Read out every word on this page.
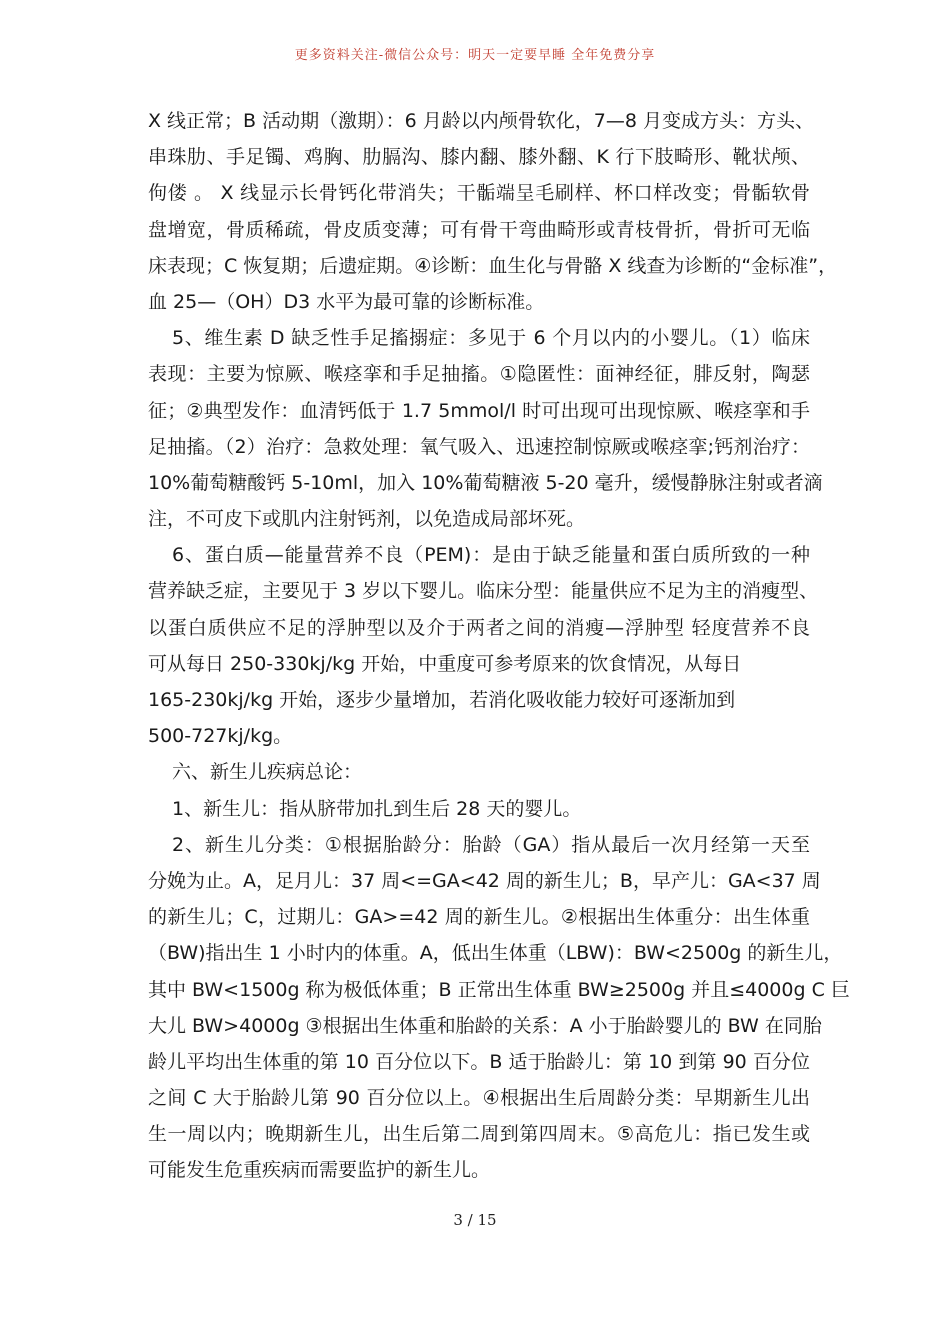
更多资料关注-微信公众号：明天一定要早睡 全年免费分享
X 线正常；B 活动期（激期）：6 月龄以内颅骨软化，7—8 月变成方头：方头、
串珠肋、手足镯、鸡胸、肋膈沟、膝内翻、膝外翻、K 行下肢畸形、靴状颅、
佝偻 。 X 线显示长骨钙化带消失；干骺端呈毛刷样、杯口样改变；骨骺软骨
盘增宽，骨质稀疏，骨皮质变薄；可有骨干弯曲畸形或青枝骨折，骨折可无临
床表现；C 恢复期；后遗症期。④诊断：血生化与骨骼 X 线查为诊断的“金标准”，
血 25—（OH）D3 水平为最可靠的诊断标准。
5、维生素 D 缺乏性手足搐搦症：多见于 6 个月以内的小婴儿。（1）临床
表现：主要为惊厥、喉痉挛和手足抽搐。①隐匿性：面神经征，腓反射，陶瑟
征；②典型发作：血清钙低于 1.7 5mmol/l 时可出现可出现惊厥、喉痉挛和手
足抽搐。（2）治疗：急救处理：氧气吸入、迅速控制惊厥或喉痉挛;钙剂治疗：
10%葡萄糖酸钙 5-10ml，加入 10%葡萄糖液 5-20 毫升，缓慢静脉注射或者滴
注，不可皮下或肌内注射钙剂，以免造成局部坏死。
6、蛋白质—能量营养不良（PEM)：是由于缺乏能量和蛋白质所致的一种
营养缺乏症，主要见于 3 岁以下婴儿。临床分型：能量供应不足为主的消瘦型、
以蛋白质供应不足的浮肿型以及介于两者之间的消瘦—浮肿型 轻度营养不良
可从每日 250-330kj/kg 开始，中重度可参考原来的饮食情况，从每日
165-230kj/kg 开始，逐步少量增加，若消化吸收能力较好可逐渐加到
500-727kj/kg。
六、新生儿疾病总论：
1、新生儿：指从脐带加扎到生后 28 天的婴儿。
2、新生儿分类：①根据胎龄分：胎龄（GA）指从最后一次月经第一天至
分娩为止。A，足月儿：37 周<=GA<42 周的新生儿；B，早产儿：GA<37 周
的新生儿；C，过期儿：GA>=42 周的新生儿。②根据出生体重分：出生体重
（BW)指出生 1 小时内的体重。A，低出生体重（LBW)：BW<2500g 的新生儿，
其中 BW<1500g 称为极低体重；B 正常出生体重 BW≥2500g 并且≤4000g C 巨
大儿 BW>4000g ③根据出生体重和胎龄的关系：A 小于胎龄婴儿的 BW 在同胎
龄儿平均出生体重的第 10 百分位以下。B 适于胎龄儿：第 10 到第 90 百分位
之间 C 大于胎龄儿第 90 百分位以上。④根据出生后周龄分类：早期新生儿出
生一周以内；晚期新生儿，出生后第二周到第四周末。⑤高危儿：指已发生或
可能发生危重疾病而需要监护的新生儿。
3 / 15
